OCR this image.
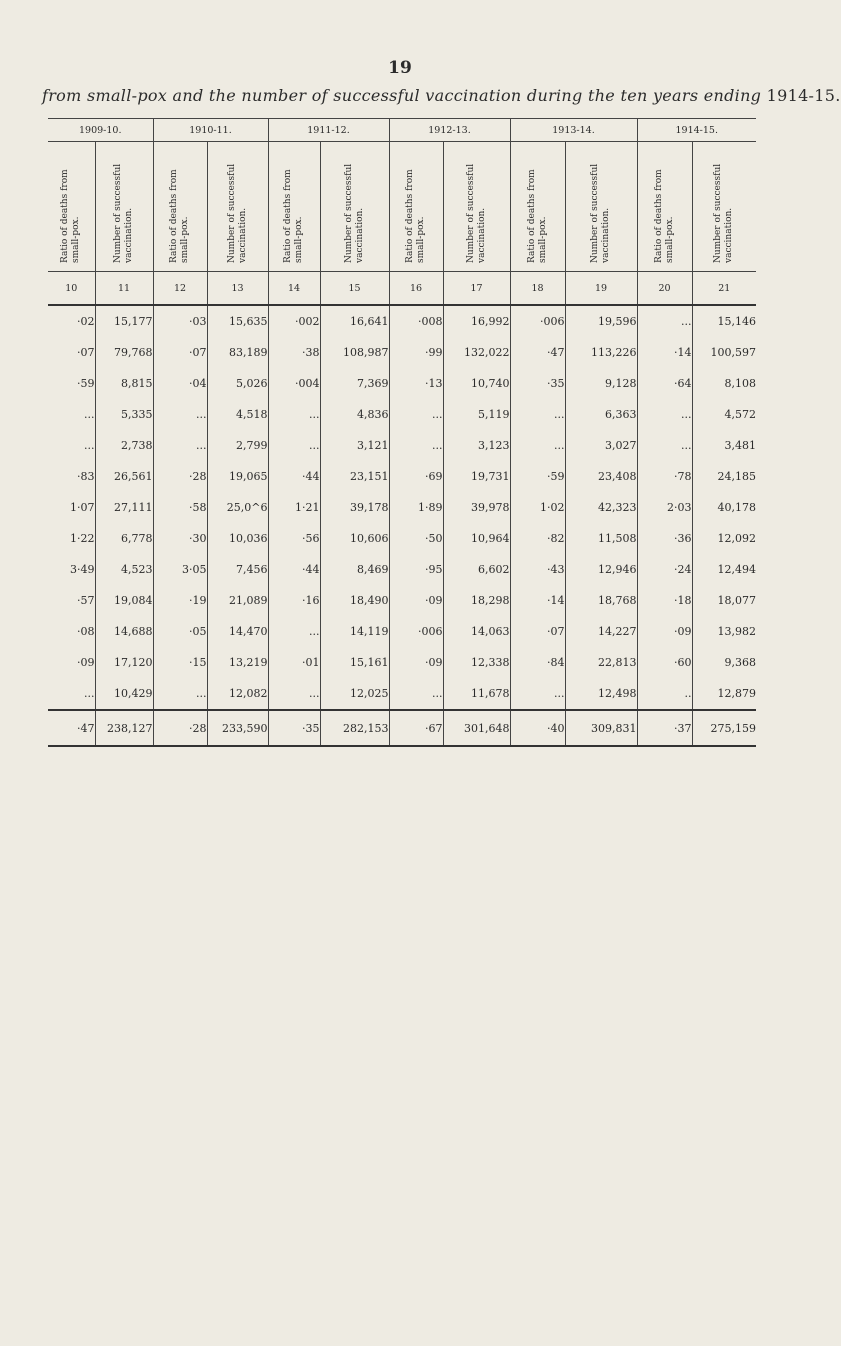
19
from small-pox and the number of successful vaccination during the ten years ending 1914-15.
1909-10.		1910-11.		1911-12.		1912-13.		1913-14.		1914-15.	

Ratio of deaths from
small-pox.	Number of successful
vaccination.	Ratio of deaths from
small-pox.	Number of successful
vaccination.	Ratio of deaths from
small-pox.	Number of successful
vaccination.	Ratio of deaths from
small-pox.	Number of successful
vaccination.	Ratio of deaths from
small-pox.	Number of successful
vaccination.	Ratio of deaths from
small-pox.	Number of successful
vaccination.

10	11	12	13	14	15	16	17	18	19	20	21
·02	15,177	·03	15,635	·002	16,641	·008	16,992	·006	19,596	...	15,146
·07	79,768	·07	83,189	·38	108,987	·99	132,022	·47	113,226	·14	100,597
·59	8,815	·04	5,026	·004	7,369	·13	10,740	·35	9,128	·64	8,108
...	5,335	...	4,518	...	4,836	...	5,119	...	6,363	...	4,572
...	2,738	...	2,799	...	3,121	...	3,123	...	3,027	...	3,481
·83	26,561	·28	19,065	·44	23,151	·69	19,731	·59	23,408	·78	24,185
1·07	27,111	·58	25,0^6	1·21	39,178	1·89	39,978	1·02	42,323	2·03	40,178
1·22	6,778	·30	10,036	·56	10,606	·50	10,964	·82	11,508	·36	12,092
3·49	4,523	3·05	7,456	·44	8,469	·95	6,602	·43	12,946	·24	12,494
·57	19,084	·19	21,089	·16	18,490	·09	18,298	·14	18,768	·18	18,077
·08	14,688	·05	14,470	...	14,119	·006	14,063	·07	14,227	·09	13,982
·09	17,120	·15	13,219	·01	15,161	·09	12,338	·84	22,813	·60	9,368
...	10,429	...	12,082	...	12,025	...	11,678	...	12,498	..	12,879
·47	238,127	·28	233,590	·35	282,153	·67	301,648	·40	309,831	·37	275,159
